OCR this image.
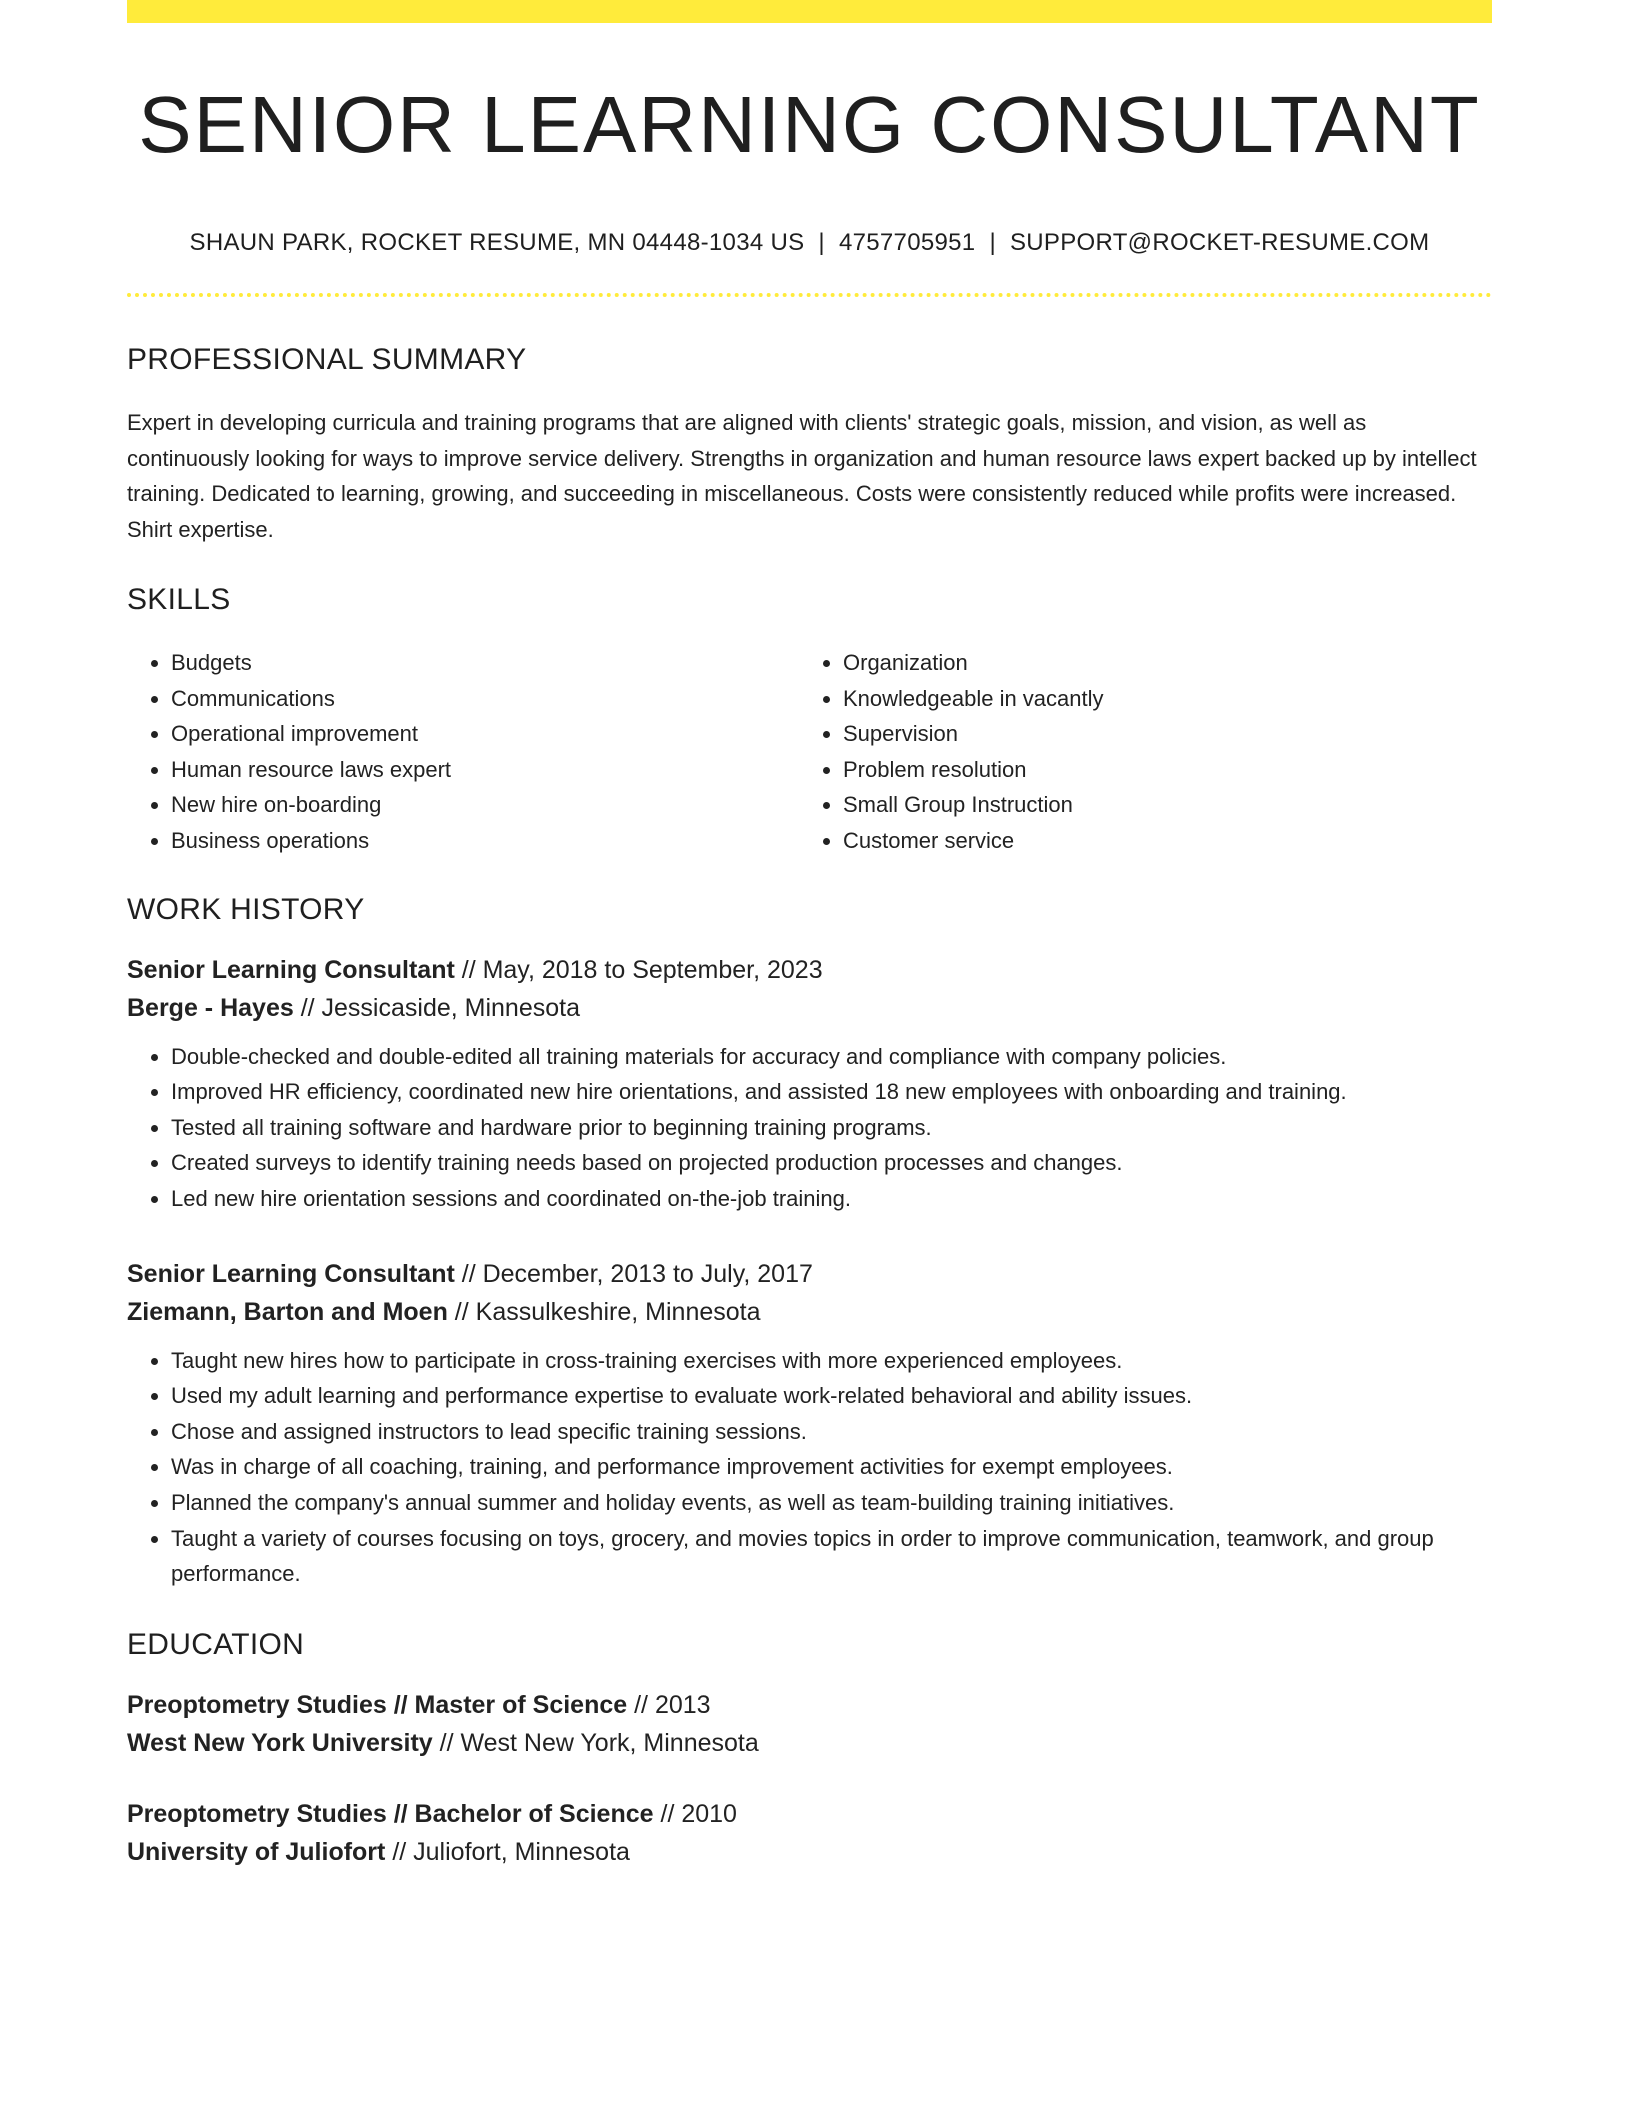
SENIOR LEARNING CONSULTANT
SHAUN PARK, ROCKET RESUME, MN 04448-1034 US | 4757705951 | SUPPORT@ROCKET-RESUME.COM
PROFESSIONAL SUMMARY
Expert in developing curricula and training programs that are aligned with clients' strategic goals, mission, and vision, as well as continuously looking for ways to improve service delivery. Strengths in organization and human resource laws expert backed up by intellect training. Dedicated to learning, growing, and succeeding in miscellaneous. Costs were consistently reduced while profits were increased. Shirt expertise.
SKILLS
• Budgets
• Communications
• Operational improvement
• Human resource laws expert
• New hire on-boarding
• Business operations
• Organization
• Knowledgeable in vacantly
• Supervision
• Problem resolution
• Small Group Instruction
• Customer service
WORK HISTORY
Senior Learning Consultant // May, 2018 to September, 2023
Berge - Hayes // Jessicaside, Minnesota
• Double-checked and double-edited all training materials for accuracy and compliance with company policies.
• Improved HR efficiency, coordinated new hire orientations, and assisted 18 new employees with onboarding and training.
• Tested all training software and hardware prior to beginning training programs.
• Created surveys to identify training needs based on projected production processes and changes.
• Led new hire orientation sessions and coordinated on-the-job training.
Senior Learning Consultant // December, 2013 to July, 2017
Ziemann, Barton and Moen // Kassulkeshire, Minnesota
• Taught new hires how to participate in cross-training exercises with more experienced employees.
• Used my adult learning and performance expertise to evaluate work-related behavioral and ability issues.
• Chose and assigned instructors to lead specific training sessions.
• Was in charge of all coaching, training, and performance improvement activities for exempt employees.
• Planned the company's annual summer and holiday events, as well as team-building training initiatives.
• Taught a variety of courses focusing on toys, grocery, and movies topics in order to improve communication, teamwork, and group performance.
EDUCATION
Preoptometry Studies // Master of Science // 2013
West New York University // West New York, Minnesota
Preoptometry Studies // Bachelor of Science // 2010
University of Juliofort // Juliofort, Minnesota
